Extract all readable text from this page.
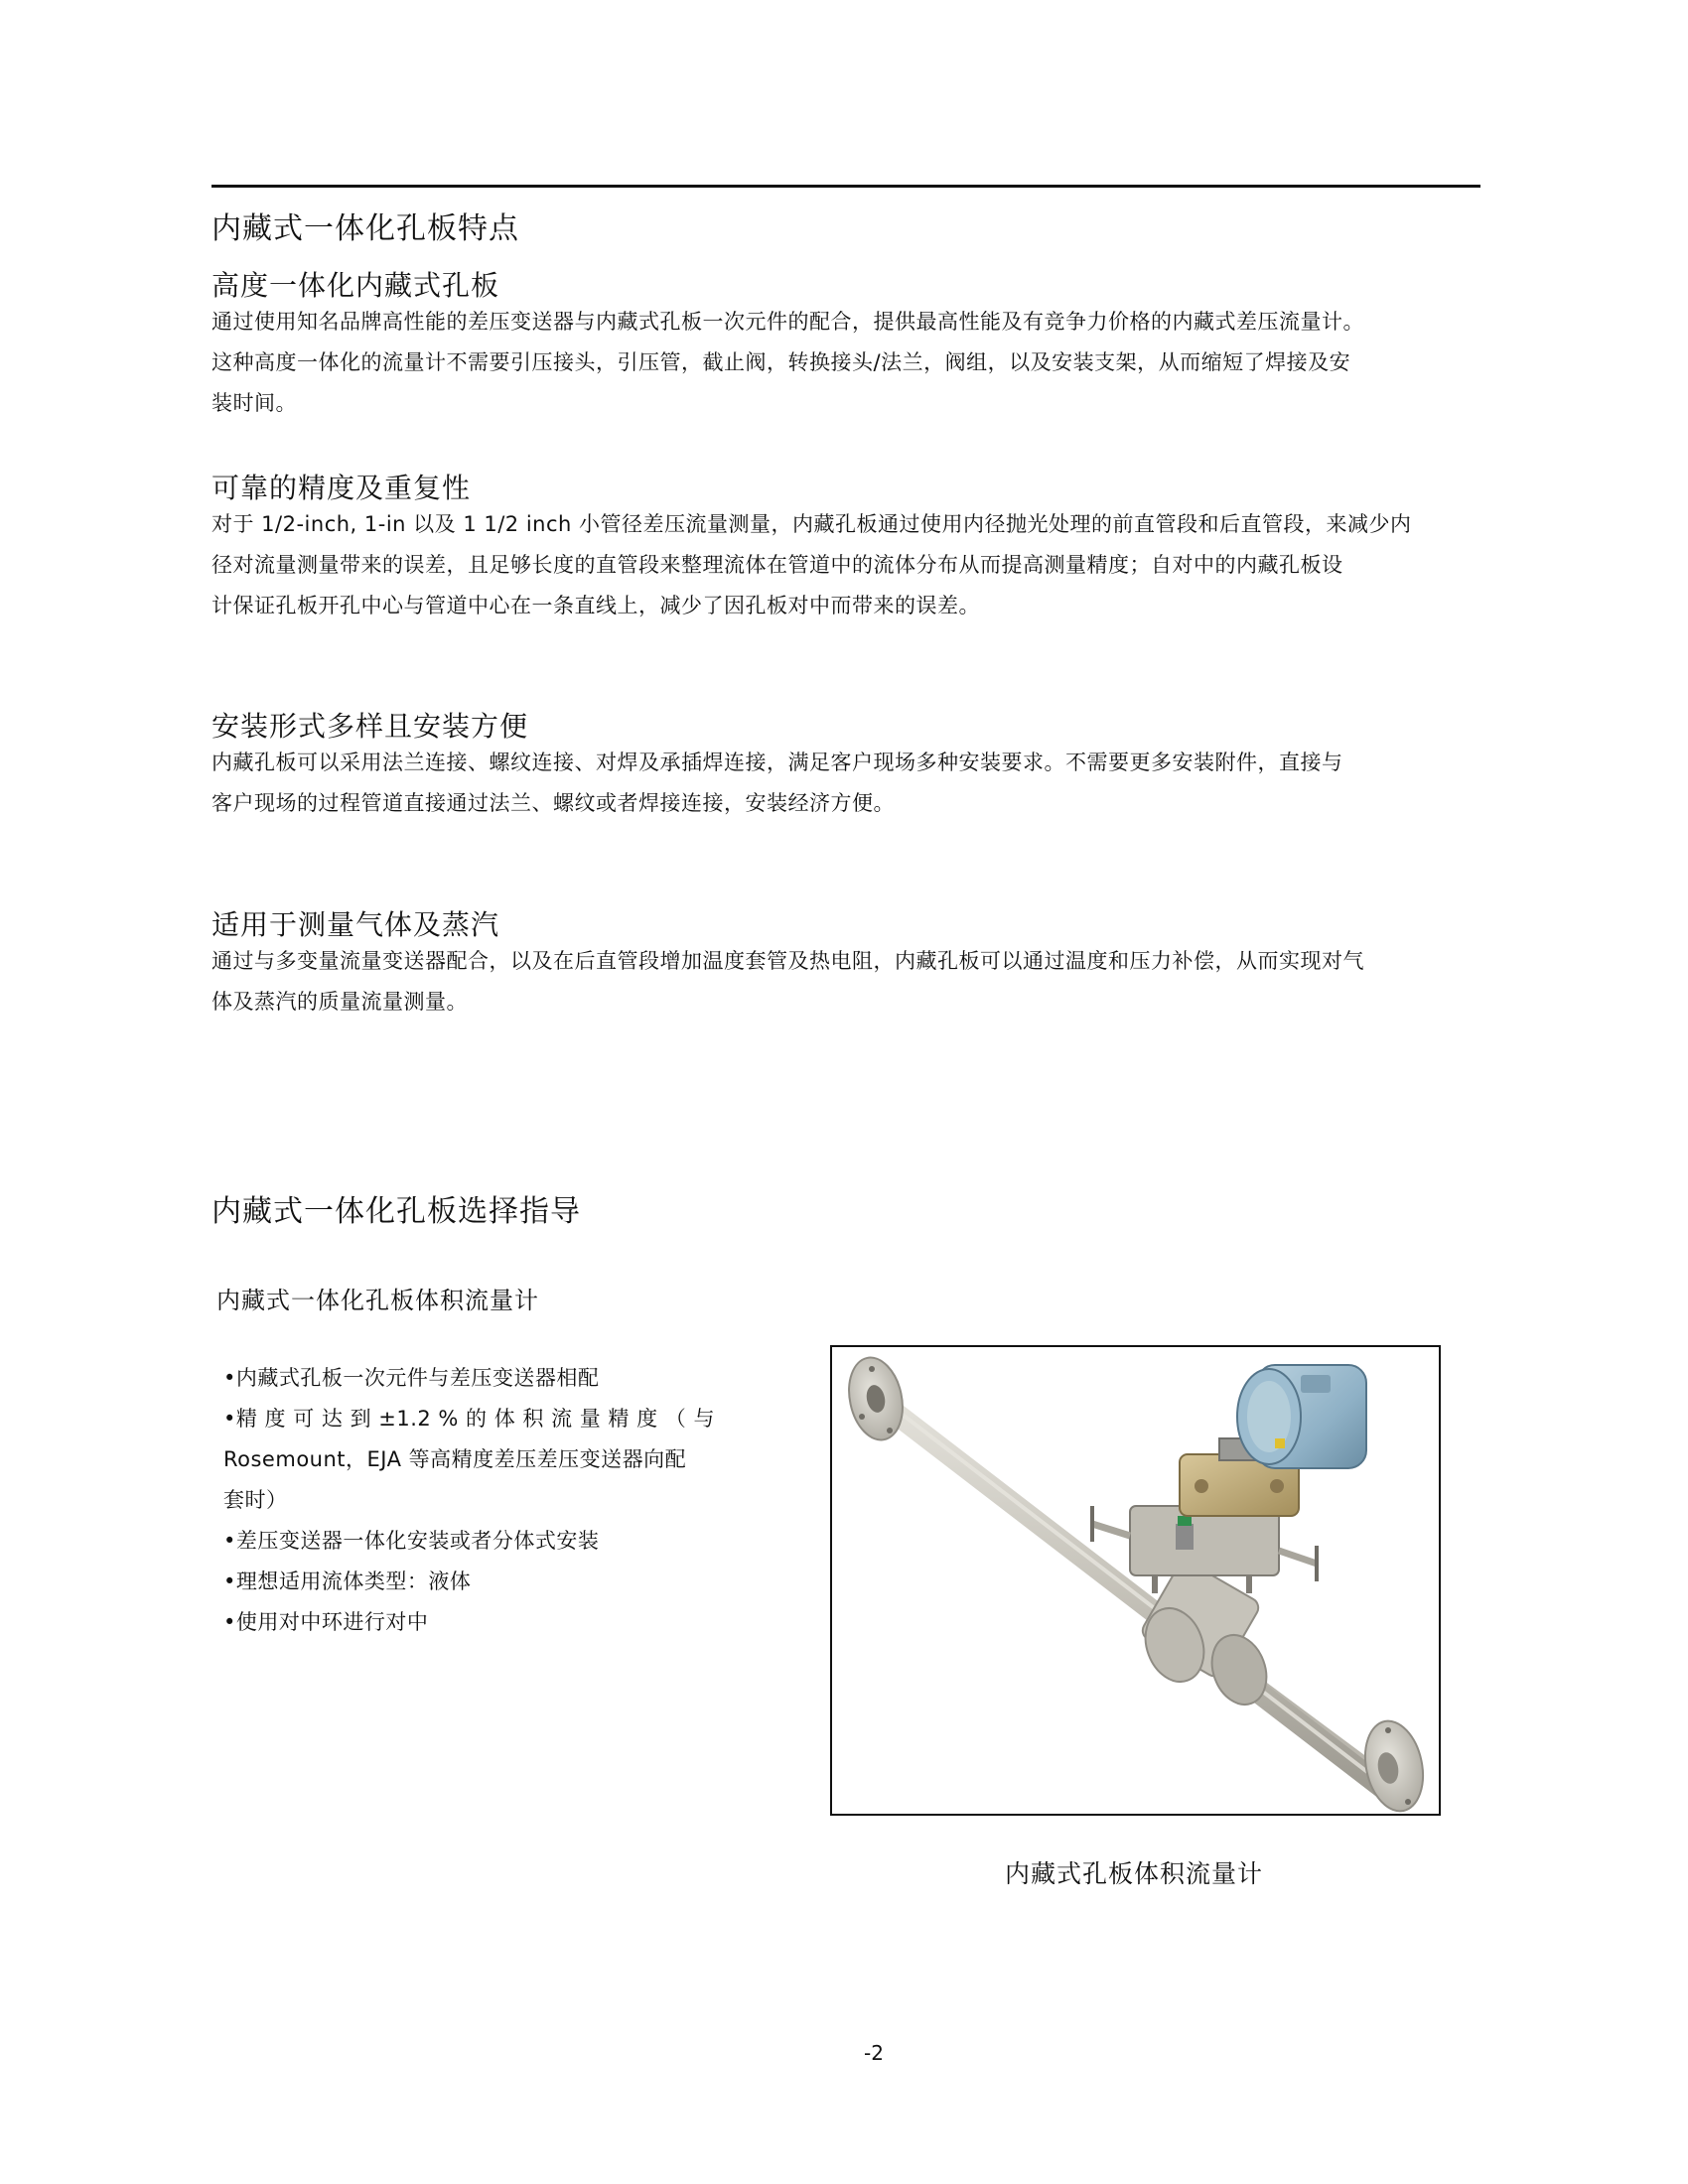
内藏式一体化孔板特点
高度一体化内藏式孔板
通过使用知名品牌高性能的差压变送器与内藏式孔板一次元件的配合，提供最高性能及有竞争力价格的内藏式差压流量计。
这种高度一体化的流量计不需要引压接头，引压管，截止阀，转换接头/法兰，阀组，以及安装支架，从而缩短了焊接及安
装时间。
可靠的精度及重复性
对于 1/2-inch, 1-in 以及 1 1/2 inch 小管径差压流量测量，内藏孔板通过使用内径抛光处理的前直管段和后直管段，来减少内
径对流量测量带来的误差，且足够长度的直管段来整理流体在管道中的流体分布从而提高测量精度；自对中的内藏孔板设
计保证孔板开孔中心与管道中心在一条直线上，减少了因孔板对中而带来的误差。
安装形式多样且安装方便
内藏孔板可以采用法兰连接、螺纹连接、对焊及承插焊连接，满足客户现场多种安装要求。不需要更多安装附件，直接与
客户现场的过程管道直接通过法兰、螺纹或者焊接连接，安装经济方便。
适用于测量气体及蒸汽
通过与多变量流量变送器配合，以及在后直管段增加温度套管及热电阻，内藏孔板可以通过温度和压力补偿，从而实现对气
体及蒸汽的质量流量测量。
内藏式一体化孔板选择指导
内藏式一体化孔板体积流量计
•内藏式孔板一次元件与差压变送器相配
•精 度 可 达 到 ±1.2 % 的 体 积 流 量 精 度 （ 与
Rosemount，EJA 等高精度差压差压变送器向配
套时）
•差压变送器一体化安装或者分体式安装
•理想适用流体类型：液体
•使用对中环进行对中
内藏式孔板体积流量计
-2
